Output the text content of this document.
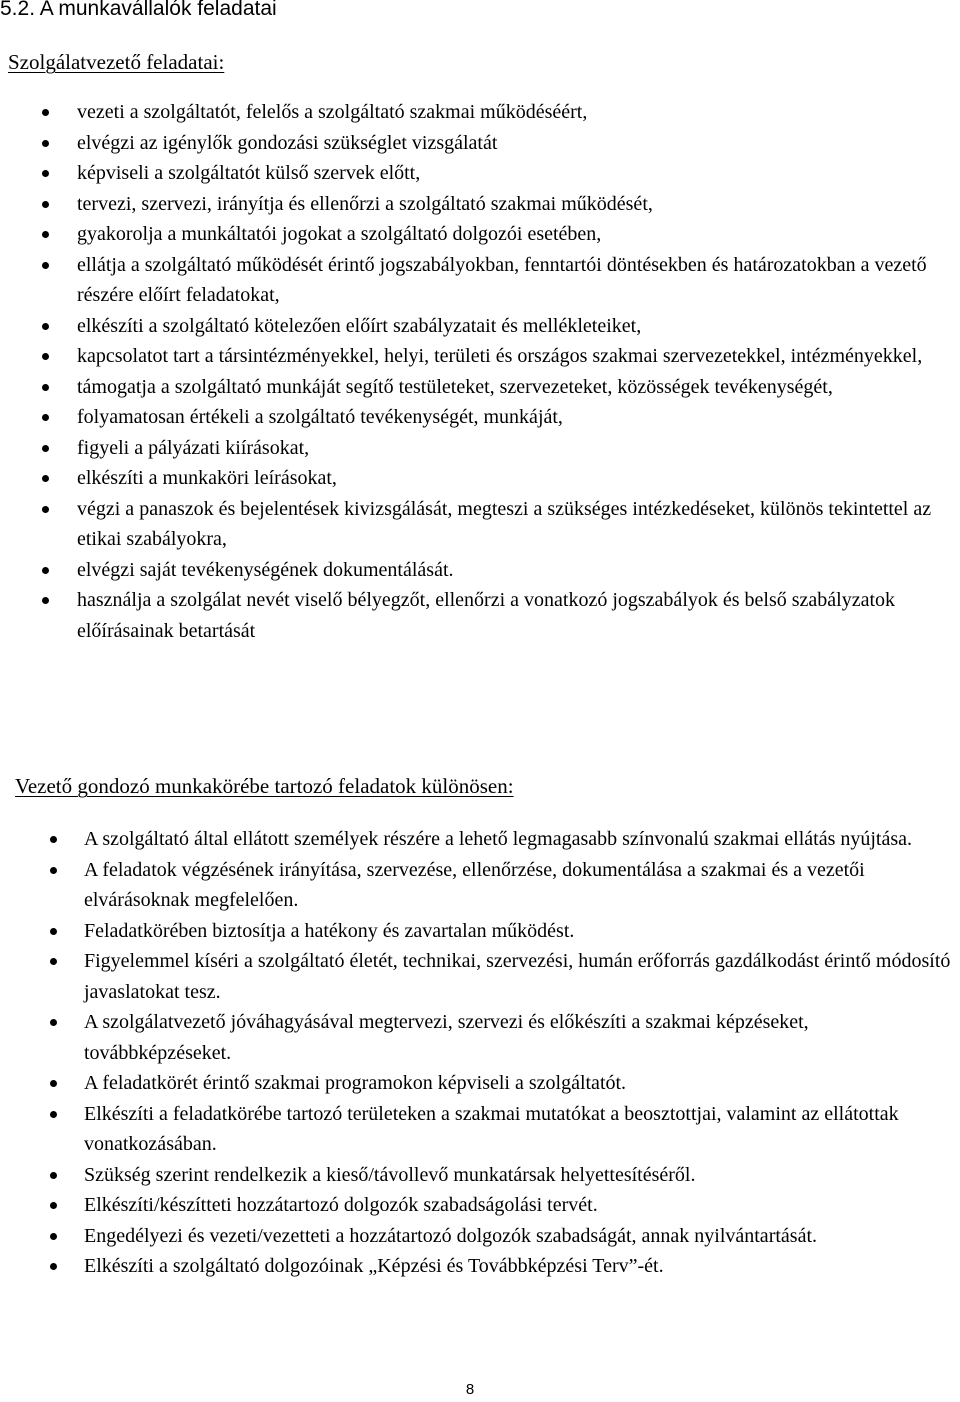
5.2. A munkavállalók feladatai
Szolgálatvezető feladatai:
vezeti a szolgáltatót, felelős a szolgáltató szakmai működéséért,
elvégzi az igénylők gondozási szükséglet vizsgálatát
képviseli a szolgáltatót külső szervek előtt,
tervezi, szervezi, irányítja és ellenőrzi a szolgáltató szakmai működését,
gyakorolja a munkáltatói jogokat a szolgáltató dolgozói esetében,
ellátja a szolgáltató működését érintő jogszabályokban, fenntartói döntésekben és határozatokban a vezető részére előírt feladatokat,
elkészíti a szolgáltató kötelezően előírt szabályzatait és mellékleteiket,
kapcsolatot tart a társintézményekkel, helyi, területi és országos szakmai szervezetekkel, intézményekkel,
támogatja a szolgáltató munkáját segítő testületeket, szervezeteket, közösségek tevékenységét,
folyamatosan értékeli a szolgáltató tevékenységét, munkáját,
figyeli a pályázati kiírásokat,
elkészíti a munkaköri leírásokat,
végzi a panaszok és bejelentések kivizsgálását, megteszi a szükséges intézkedéseket, különös tekintettel az etikai szabályokra,
elvégzi saját tevékenységének dokumentálását.
használja a szolgálat nevét viselő bélyegzőt, ellenőrzi a vonatkozó jogszabályok és belső szabályzatok előírásainak betartását
Vezető gondozó munkakörébe tartozó feladatok különösen:
A szolgáltató által ellátott személyek részére a lehető legmagasabb színvonalú szakmai ellátás nyújtása.
A feladatok végzésének irányítása, szervezése, ellenőrzése, dokumentálása a szakmai és a vezetői elvárásoknak megfelelően.
Feladatkörében biztosítja a hatékony és zavartalan működést.
Figyelemmel kíséri a szolgáltató életét, technikai, szervezési, humán erőforrás gazdálkodást érintő módosító javaslatokat tesz.
A szolgálatvezető jóváhagyásával megtervezi, szervezi és előkészíti a szakmai képzéseket, továbbképzéseket.
A feladatkörét érintő szakmai programokon képviseli a szolgáltatót.
Elkészíti a feladatkörébe tartozó területeken a szakmai mutatókat a beosztottjai, valamint az ellátottak vonatkozásában.
Szükség szerint rendelkezik a kieső/távollevő munkatársak helyettesítéséről.
Elkészíti/készítteti hozzátartozó dolgozók szabadságolási tervét.
Engedélyezi és vezeti/vezetteti a hozzátartozó dolgozók szabadságát, annak nyilvántartását.
Elkészíti a szolgáltató dolgozóinak „Képzési és Továbbképzési Terv”-ét.
8
